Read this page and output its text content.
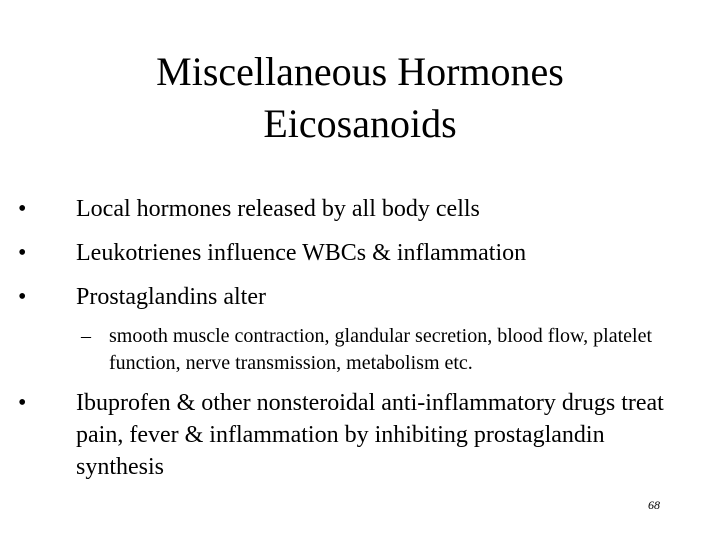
Miscellaneous Hormones
Eicosanoids
• Local hormones released by all body cells
• Leukotrienes influence WBCs & inflammation
• Prostaglandins alter
– smooth muscle contraction, glandular secretion, blood flow, platelet function, nerve transmission, metabolism etc.
• Ibuprofen & other nonsteroidal anti-inflammatory drugs treat pain, fever & inflammation by inhibiting prostaglandin synthesis
68
